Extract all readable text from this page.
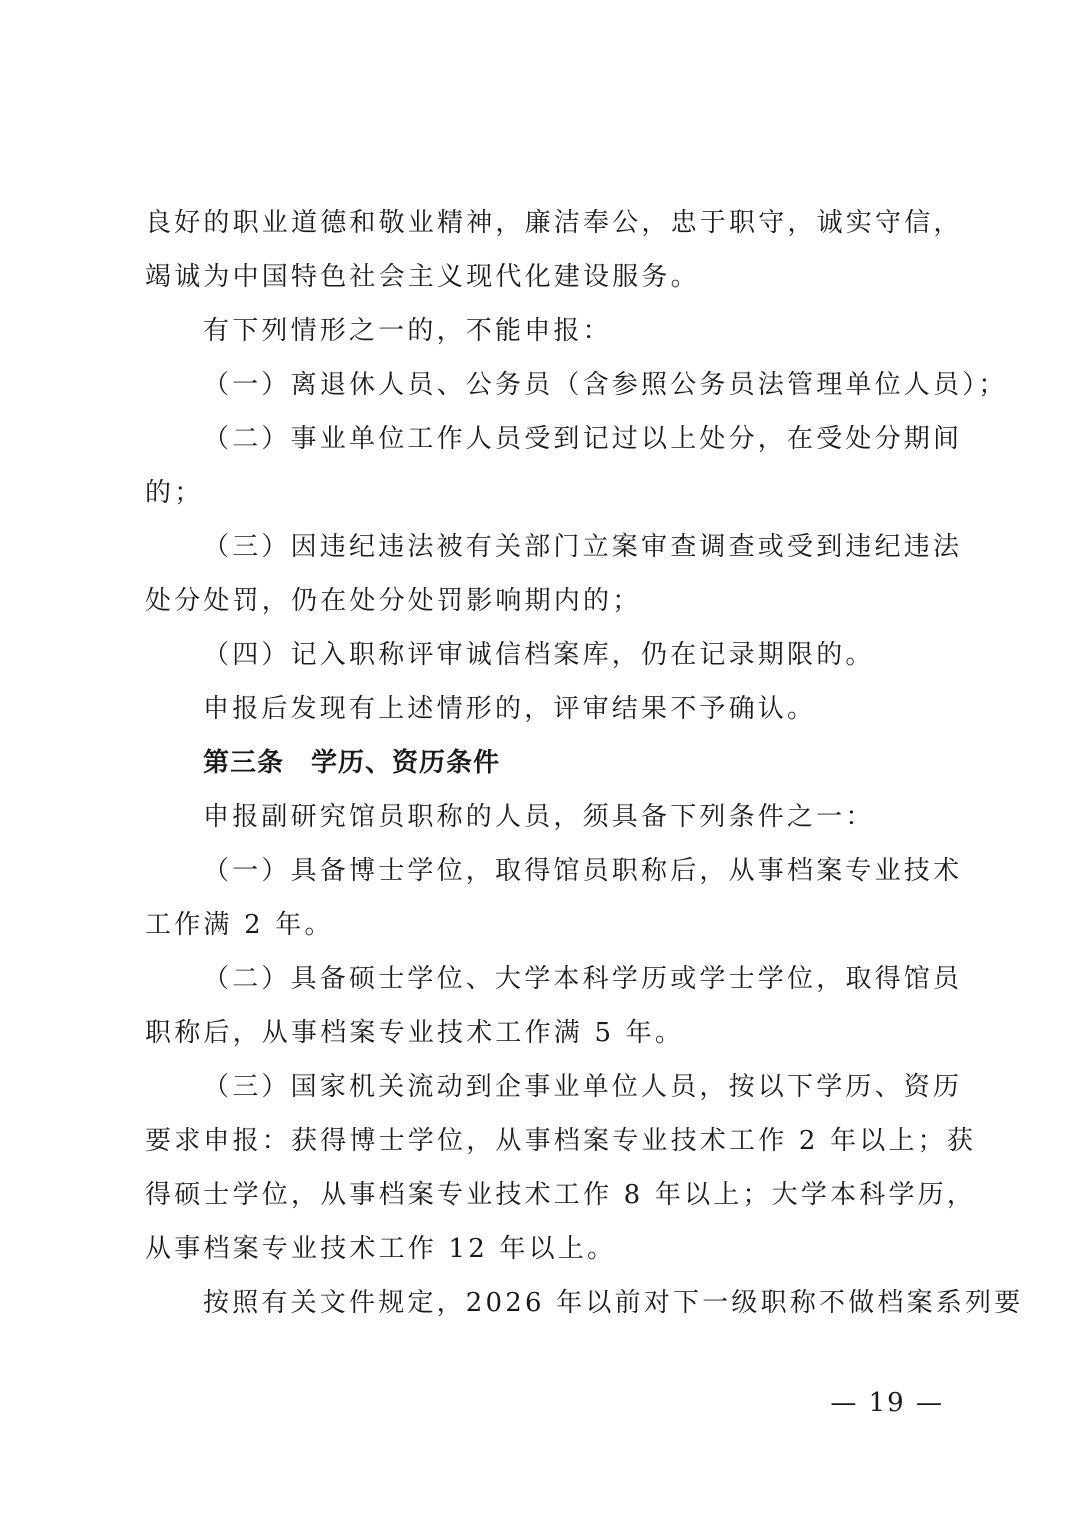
良好的职业道德和敬业精神，廉洁奉公，忠于职守，诚实守信，
竭诚为中国特色社会主义现代化建设服务。
有下列情形之一的，不能申报：
（一）离退休人员、公务员（含参照公务员法管理单位人员）；
（二）事业单位工作人员受到记过以上处分，在受处分期间
的；
（三）因违纪违法被有关部门立案审查调查或受到违纪违法
处分处罚，仍在处分处罚影响期内的；
（四）记入职称评审诚信档案库，仍在记录期限的。
申报后发现有上述情形的，评审结果不予确认。
第三条　学历、资历条件
申报副研究馆员职称的人员，须具备下列条件之一：
（一）具备博士学位，取得馆员职称后，从事档案专业技术
工作满 2 年。
（二）具备硕士学位、大学本科学历或学士学位，取得馆员
职称后，从事档案专业技术工作满 5 年。
（三）国家机关流动到企事业单位人员，按以下学历、资历
要求申报：获得博士学位，从事档案专业技术工作 2 年以上；获
得硕士学位，从事档案专业技术工作 8 年以上；大学本科学历，
从事档案专业技术工作 12 年以上。
按照有关文件规定，2026 年以前对下一级职称不做档案系列要
— 19 —
